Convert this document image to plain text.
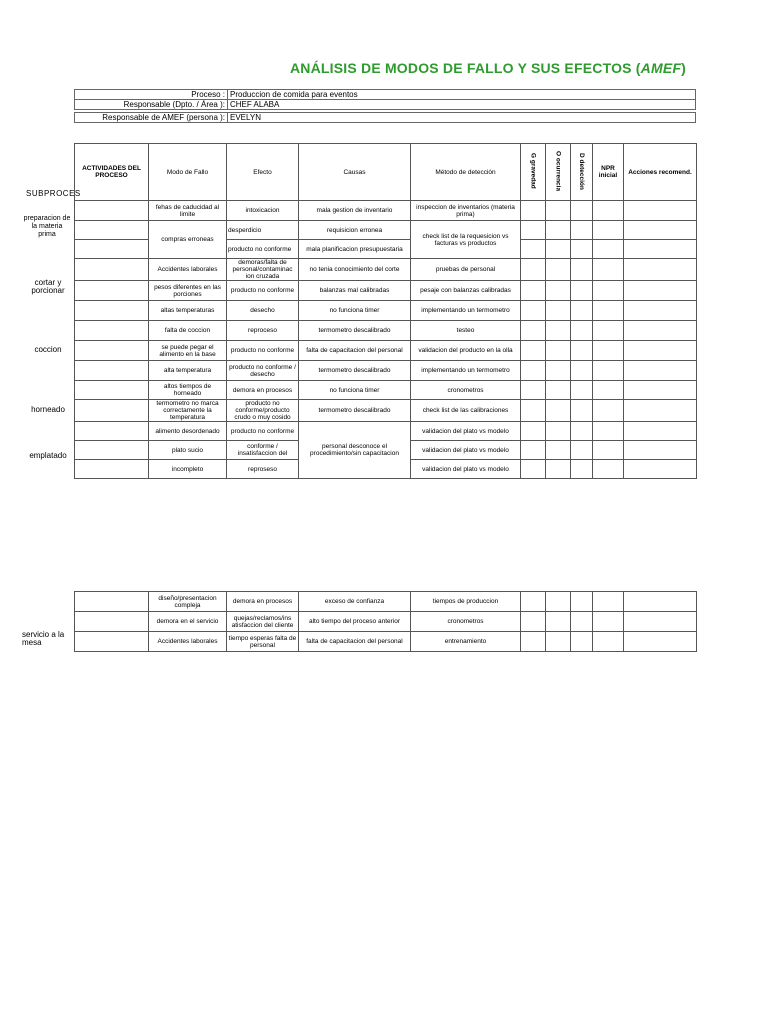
ANÁLISIS DE MODOS DE FALLO Y SUS EFECTOS (AMEF)
Proceso :	Produccion de comida para eventos
Responsable (Dpto. / Área ):	CHEF ALABA

Responsable de AMEF (persona ):	EVELYN
SUBPROCES
preparacion de la materia prima
cortar y porcionar
coccion
horneado
emplatado
servicio a la mesa
ACTIVIDADES DEL PROCESO	Modo de Fallo	Efecto	Causas	Método de detección	G gravedad	O ocurrencia	D detección	NPR inicial	Acciones recomend.
	fehas de caducidad al limite	intoxicacion	mala gestion de inventario	inspeccion de inventarios (materia prima)					
	compras erroneas	desperdicio	requisicion erronea	check list de la requesicion vs facturas vs productos					
		producto no conforme	mala planificacion presupuestaria						
	Accidentes laborales	demoras/falta de personal/contaminac ion cruzada	no tenia conocimiento del corte	pruebas de personal					
	pesos diferentes en las porciones	producto no conforme	balanzas mal calibradas	pesaje con balanzas calibradas					
	altas temperaturas	desecho	no funciona timer	implementando un termometro					
	falta de coccion	reproceso	termometro descalibrado	testeo					
	se puede pegar el alimento en la base	producto no conforme	falta de capacitacion del personal	validacion del producto en la olla					
	alta temperatura	producto no conforme / desecho	termometro descalibrado	implementando un termometro					
	altos tiempos de horneado	demora en procesos	no funciona timer	cronometros					
	termometro no marca correctamente la temperatura	producto no conforme/producto crudo o muy cosido	termometro descalibrado	check list de las calibraciones					
	alimento desordenado	producto no conforme	personal desconoce el procedimiento/sin capacitacion	validacion del plato vs modelo					
	plato sucio	conforme / insatisfaccion del		validacion del plato vs modelo					
	incompleto	reproseso		validacion del plato vs modelo					
	diseño/presentacion compleja	demora en procesos	exceso de confianza	tiempos de produccion					
	demora en el servicio	quejas/reclamos/ins atisfaccion del cliente	alto tiempo del proceso anterior	cronometros					
	Accidentes laborales	tiempo esperas falta de personal	falta de capacitacion del personal	entrenamiento					
